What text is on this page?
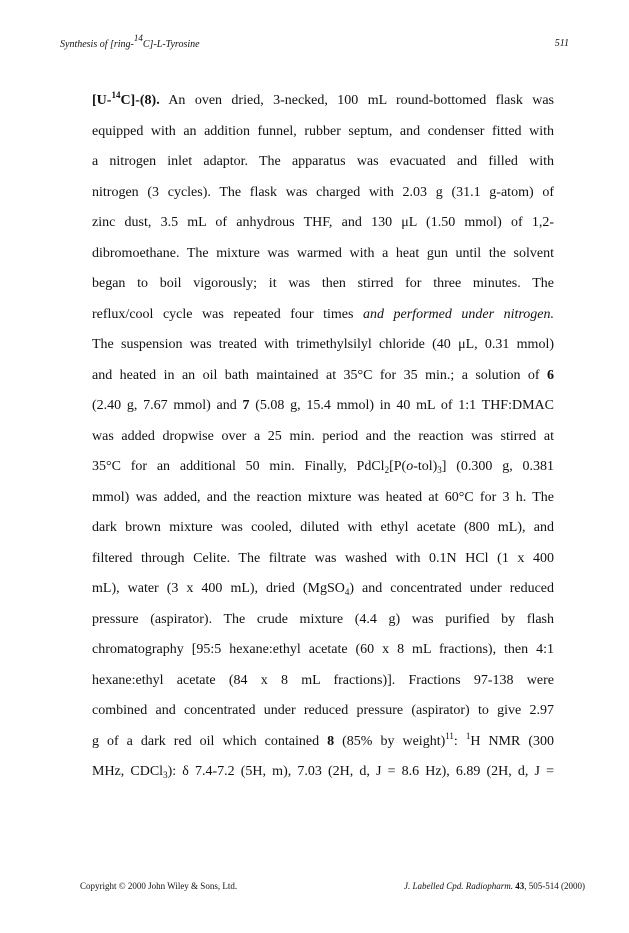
Synthesis of [ring-$^{14}$C]-L-Tyrosine	511
[U-$^{14}$C]-(8). An oven dried, 3-necked, 100 mL round-bottomed flask was
equipped with an addition funnel, rubber septum, and condenser fitted with
a nitrogen inlet adaptor. The apparatus was evacuated and filled with
nitrogen (3 cycles). The flask was charged with 2.03 g (31.1 g-atom) of
zinc dust, 3.5 mL of anhydrous THF, and 130 μL (1.50 mmol) of 1,2-
dibromoethane. The mixture was warmed with a heat gun until the solvent
began to boil vigorously; it was then stirred for three minutes. The
reflux/cool cycle was repeated four times and performed under nitrogen.
The suspension was treated with trimethylsilyl chloride (40 μL, 0.31 mmol)
and heated in an oil bath maintained at 35°C for 35 min.; a solution of 6
(2.40 g, 7.67 mmol) and 7 (5.08 g, 15.4 mmol) in 40 mL of 1:1 THF:DMAC
was added dropwise over a 25 min. period and the reaction was stirred at
35°C for an additional 50 min. Finally, $PdCl_2[P(o-tol)_3]$ (0.300 g, 0.381
mmol) was added, and the reaction mixture was heated at 60°C for 3 h. The
dark brown mixture was cooled, diluted with ethyl acetate (800 mL), and
filtered through Celite. The filtrate was washed with 0.1N HCl (1 x 400
mL), water (3 x 400 mL), dried (MgSO$_4$) and concentrated under reduced
pressure (aspirator). The crude mixture (4.4 g) was purified by flash
chromatography [95:5 hexane:ethyl acetate (60 x 8 mL fractions), then 4:1
hexane:ethyl acetate (84 x 8 mL fractions)]. Fractions 97-138 were
combined and concentrated under reduced pressure (aspirator) to give 2.97
g of a dark red oil which contained 8 (85% by weight)$^{11}$: $^1$H NMR (300
MHz, CDCl$_3$): δ 7.4-7.2 (5H, m), 7.03 (2H, d, J = 8.6 Hz), 6.89 (2H, d, J =
Copyright © 2000 John Wiley & Sons, Ltd.	J. Labelled Cpd. Radiopharm. 43, 505-514 (2000)
